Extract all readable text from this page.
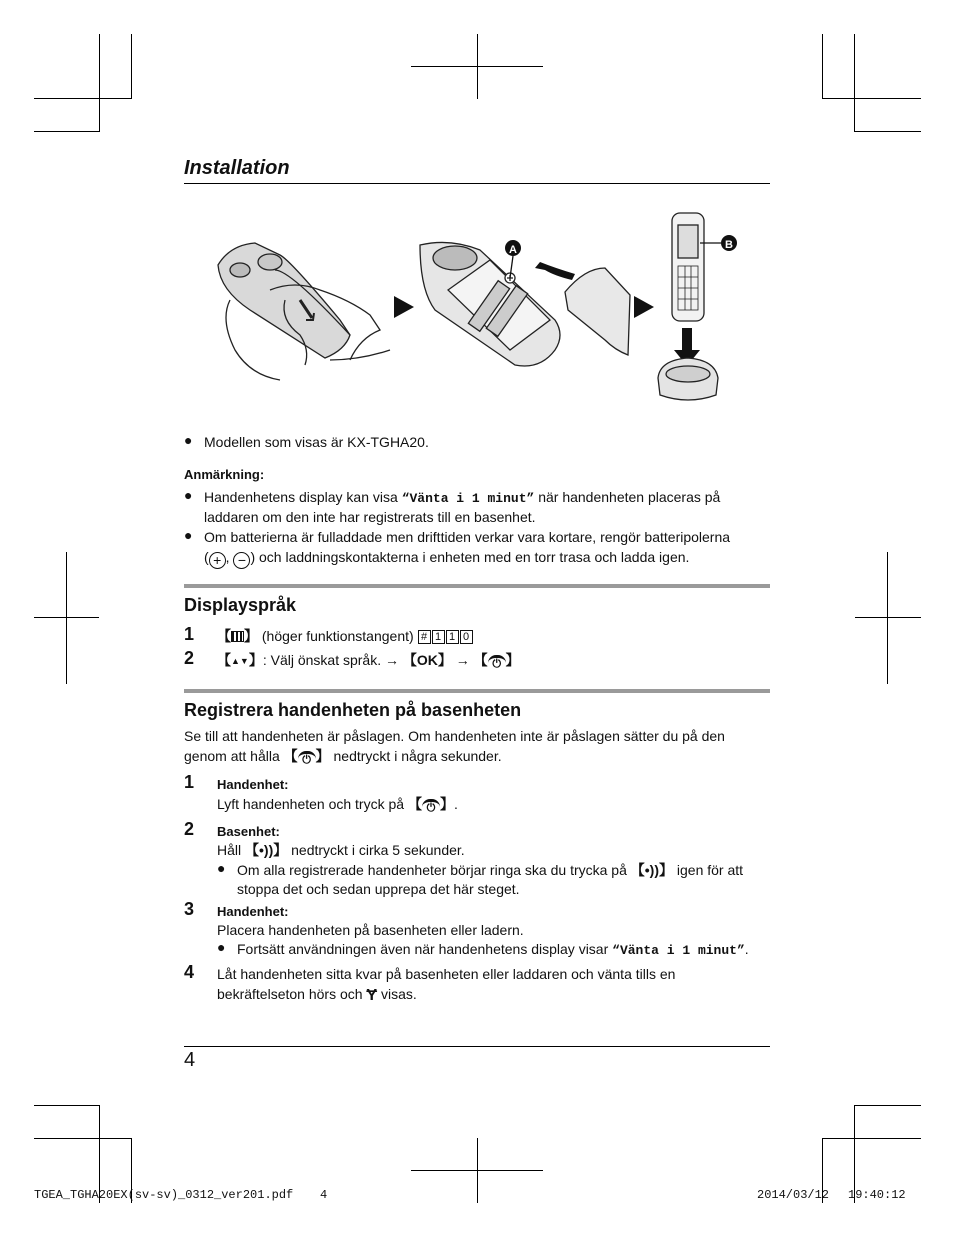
Installation
A	B
● Modellen som visas är KX-TGHA20.
Anmärkning:
● Handenhetens display kan visa “Vänta i 1 minut” när handenheten placeras på
laddaren om den inte har registrerats till en basenhet.
● Om batterierna är fulladdade men drifttiden verkar vara kortare, rengör batteripolerna
( + , − ) och laddningskontakterna i enheten med en torr trasa och ladda igen.
Displayspråk
1 【 】 (höger funktionstangent) # 1 1 0
2 【▲▼】: Välj önskat språk. → 【OK】 → 【 ⏻ 】
Registrera handenheten på basenheten
Se till att handenheten är påslagen. Om handenheten inte är påslagen sätter du på den
genom att hålla 【 ⏻ 】 nedtryckt i några sekunder.
1 Handenhet:
Lyft handenheten och tryck på 【 ⏻ 】.
2 Basenhet:
Håll 【•))】 nedtryckt i cirka 5 sekunder.
● Om alla registrerade handenheter börjar ringa ska du trycka på 【•))】 igen för att
stoppa det och sedan upprepa det här steget.
3 Handenhet:
Placera handenheten på basenheten eller ladern.
● Fortsätt användningen även när handenhetens display visar “Vänta i 1 minut”.
4 Låt handenheten sitta kvar på basenheten eller laddaren och vänta tills en
bekräftelseton hörs och Ɏ visas.
4
TGEA_TGHA20EX(sv-sv)_0312_ver201.pdf 4	2014/03/12 19:40:12
